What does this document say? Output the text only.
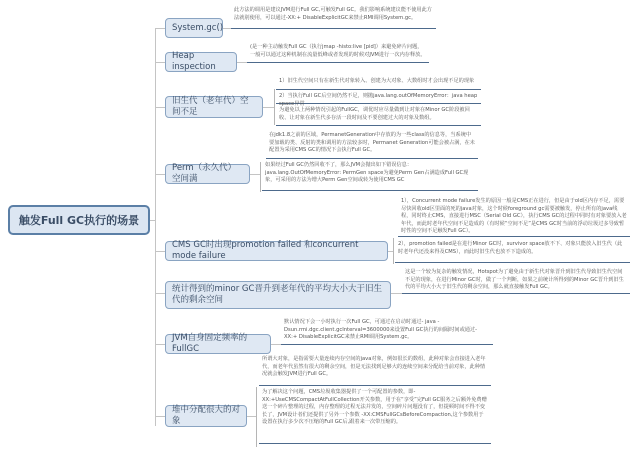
触发Full GC执行的场景
System.gc()
此方法的调用是建议JVM进行Full GC,可触发Full GC。我们影响系统建议能不使用此方法就别使用，可以通过-XX:+ DisableExplicitGC来禁止RMI调用System.gc。
Heap inspection
(是一种主动触发Full GC（执行jmap -histo:live [pid]）来避免碎片问题，一般可以通过这种机制在流量低峰或者发现的时候对JVM进行一次内存释放。
旧生代（老年代）空间不足
1）旧生代空间只有在新生代对象转入、创建为大对象、大数组时才会出现不足的现象
2）当执行Full GC后空间仍然不足，则抛java.lang.outOfMemoryError：java heap space异常
为避免以上两种情况引起的FullGC，调优时应尽量做到让对象在Minor GC阶段被回收、让对象在新生代多存活一段时间及不要创建过大的对象及数组。
Perm（永久代）空间满
在jdk1.8之前的区域，PermanetGeneration中存放的为一些class的信息等，当系统中要加载的类、反射的类和调用的方法较多时，Permanet Generation可能会被占满，在未配置为采用CMS GC的情况下会执行Full GC。
如果经过Full GC仍然回收不了，那么JVM会抛出如下错误信息：java.lang.OutOfMemoryError: PermGen space为避免Perm Gen占满造成Full GC现象，可采用的方法为增大Perm Gen空间或转为使用CMS GC
CMS GC时出现promotion failed 和concurrent mode failure
1），Concurrent mode failure发生的原因一般是CMS正在进行，但是由于old区内存不足，需要尽快回收old区里面的死的java对象，这个时候foreground gc需要被触发，停止所有的java线程，同时终止CMS，直接进行MSC（Serial Old GC），执行CMS GC的过程中同时有对象要放入老年代，而此时老年代空间不足造成的（有时候“空间不足”是CMS GC时当前的浮动垃圾过多导致暂时性的空间不足触发Full GC）。
2），promotion failed是在进行Minor GC时，survivor space放不下、对象只能放入旧生代（此时老年代还没来得及CMS），而此时旧生代也放不下造成的。
统计得到的minor GC晋升到老年代的平均大小大于旧生代的剩余空间
这是一个较为复杂的触发情况，Hotspot为了避免由于新生代对象晋升到旧生代导致旧生代空间不足的现象，在进行Minor GC时，做了一个判断，如果之前统计所得到的Minor GC晋升到旧生代的平均大小大于旧生代的剩余空间，那么就直接触发Full GC。
JVM自身固定频率的FullGC
默认情况下会一小时执行一次Full GC，可通过在启动时通过- java -Dsun.rmi.dgc.client.gcInterval=3600000来设置Full GC执行的间隔时间或通过-XX:+ DisableExplicitGC来禁止RMI调用System.gc。
堆中分配很大的对象
所谓大对象，是指需要大量连续内存空间的java对象，例如很长的数组，此种对象会直接进入老年代，而老年代虽然有很大的剩余空间，但是无法找到足够大的连续空间来分配给当前对象，此种情况就会触发JVM进行Full GC。
为了解决这个问题，CMS垃圾收集器提供了一个可配置的参数，即-XX:+UseCMSCompactAtFullCollection开关参数，用于在“享受”完Full GC服务之后额外免费赠送一个碎片整理的过程，内存整理的过程无法并发的，空间碎片问题没有了，但提顿时间不得不变长了，JVM设计者们还提供了另外一个参数 -XX:CMSFullGCsBeforeCompaction,这个参数用于设置在执行多少次不压缩的Full GC后,跟着来一次带压缩的。
